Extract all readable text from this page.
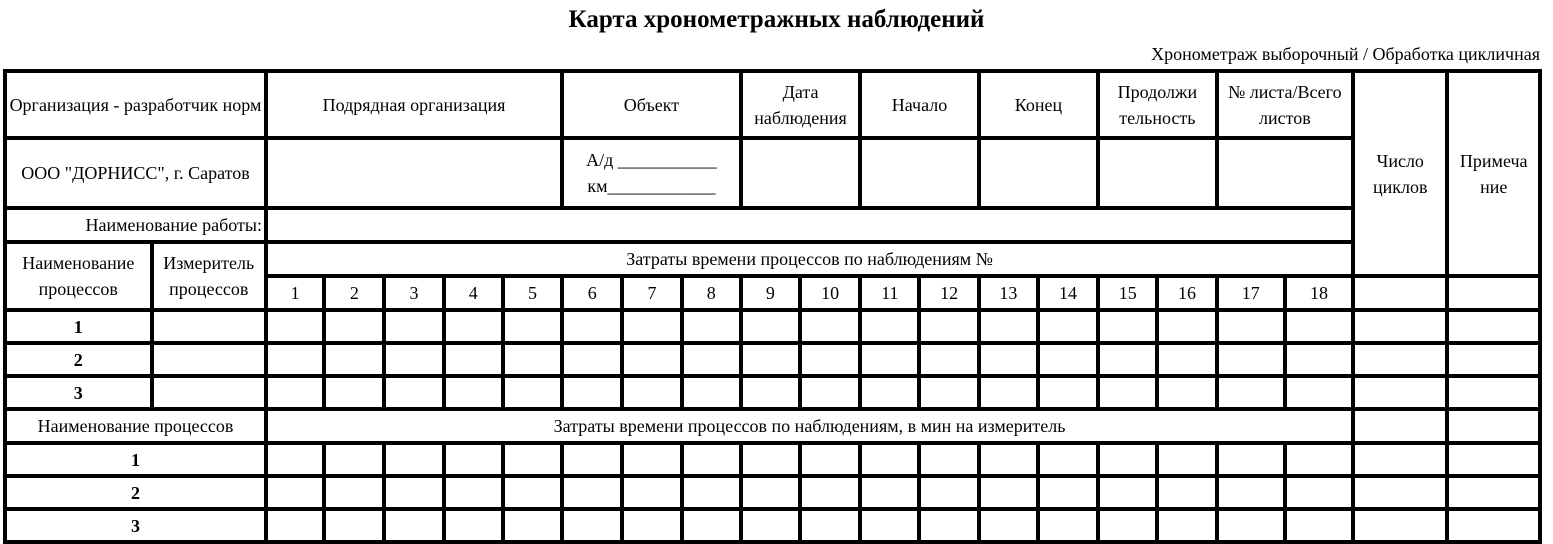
Карта хронометражных наблюдений
Хронометраж выборочный / Обработка цикличная
Организация - разработчик норм		Подрядная организация					Объект			Дата наблюдения		Начало		Конец		Продолжи тельность		№ листа/Всего листов		Число циклов	Примеча ние
ООО "ДОРНИСС", г. Саратов							А/д ___________
км____________														
Наименование работы:																					
Наименование процессов	Измеритель процессов	Затраты времени процессов по наблюдениям №																			
		1	2	3	4	5	6	7	8	9	10	11	12	13	14	15	16	17	18		
1																					
2																					
3																					
Наименование процессов		Затраты времени процессов по наблюдениям, в мин на измеритель																			
1																					
2																					
3																					
